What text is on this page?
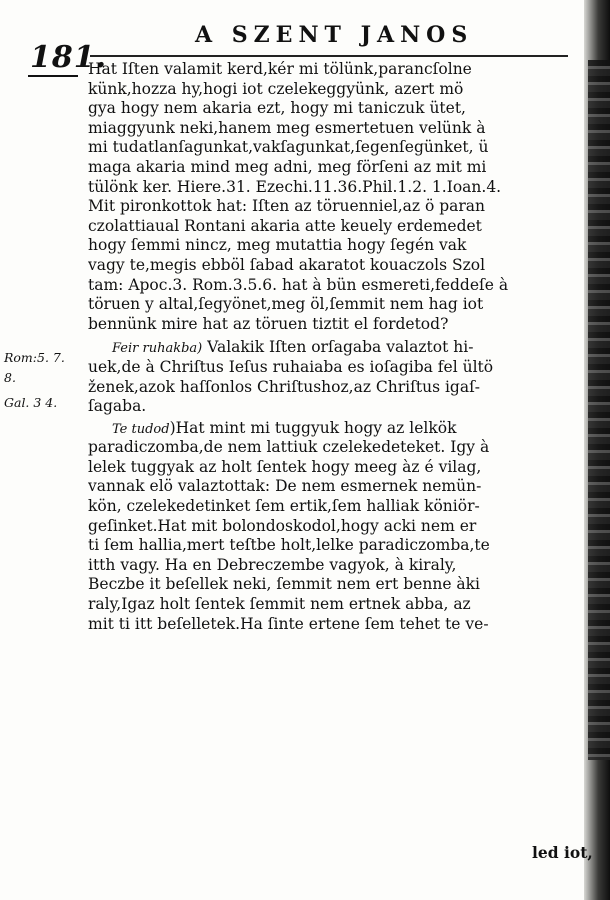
A SZENT JANOS
181.
Rom:5. 7.
8.
Gal. 3 4.
Hat Iſten valamit kerd,kér mi tölünk,parancſolne
künk,hozza hy,hogi iot czelekeggyünk, azert mö
gya hogy nem akaria ezt, hogy mi taniczuk ütet,
miaggyunk neki,hanem meg esmertetuen velünk à
mi tudatlanſagunkat,vakſagunkat,ſegenſegünket, ü
maga akaria mind meg adni, meg förſeni az mit mi
tülönk ker. Hiere.31. Ezechi.11.36.Phil.1.2. 1.Ioan.4.
Mit pironkottok hat: Iſten az töruenniel,az ö paran
czolattiaual Rontani akaria atte keuely erdemedet
hogy ſemmi nincz, meg mutattia hogy ſegén vak
vagy te,megis ebböl ſabad akaratot kouaczols Szol
tam: Apoc.3. Rom.3.5.6. hat à bün esmereti,feddeſe à
töruen y altal,ſegyönet,meg öl,ſemmit nem hag iot
bennünk mire hat az töruen tiztit el fordetod?
Feir ruhakba) Valakik Iſten orſagaba valaztot hi-
uek,de à Chriſtus Ieſus ruhaiaba es ioſagiba fel ültö
ženek,azok haſſonlos Chriſtushoz,az Chriſtus igaſ-
ſagaba.
Te tudod)Hat mint mi tuggyuk hogy az lelkök
paradiczomba,de nem lattiuk czelekedeteket. Igy à
lelek tuggyak az holt ſentek hogy meeg àz é vilag,
vannak elö valaztottak: De nem esmernek nemün-
kön, czelekedetinket ſem ertik,ſem halliak köniör-
geſinket.Hat mit bolondoskodol,hogy acki nem er
ti ſem hallia,mert teſtbe holt,lelke paradiczomba,te
itth vagy. Ha en Debreczembe vagyok, à kiraly,
Beczbe it beſellek neki, ſemmit nem ert benne àki
raly,Igaz holt ſentek ſemmit nem ertnek abba, az
mit ti itt beſelletek.Ha ſinte ertene ſem tehet te ve-
led iot,
